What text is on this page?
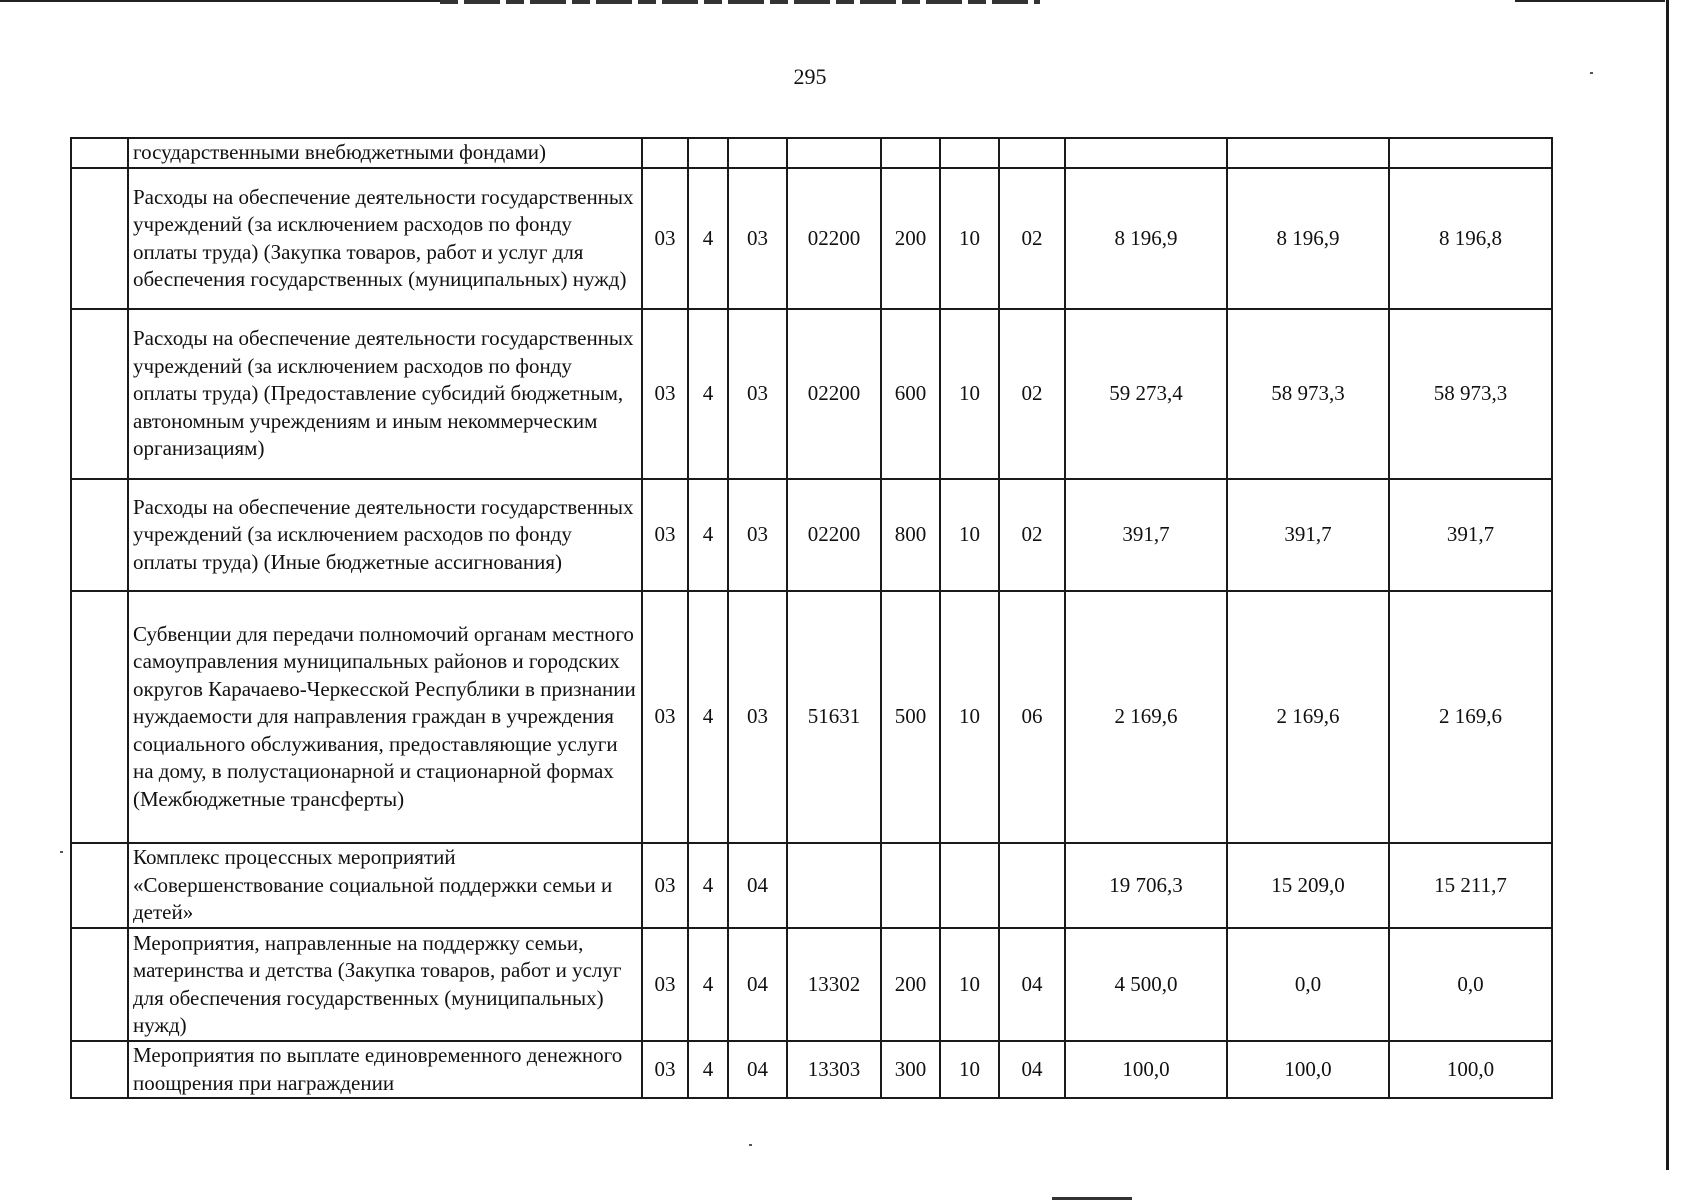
295
	государственными внебюджетными фондами)										
	Расходы на обеспечение деятельности государственных учреждений (за исключением расходов по фонду оплаты труда) (Закупка товаров, работ и услуг для обеспечения государственных (муниципальных) нужд)	03	4	03	02200	200	10	02	8 196,9	8 196,9	8 196,8
	Расходы на обеспечение деятельности государственных учреждений (за исключением расходов по фонду оплаты труда) (Предоставление субсидий бюджетным, автономным учреждениям и иным некоммерческим организациям)	03	4	03	02200	600	10	02	59 273,4	58 973,3	58 973,3
	Расходы на обеспечение деятельности государственных учреждений (за исключением расходов по фонду оплаты труда) (Иные бюджетные ассигнования)	03	4	03	02200	800	10	02	391,7	391,7	391,7
	Субвенции для передачи полномочий органам местного самоуправления муниципальных районов и городских округов Карачаево-Черкесской Республики в признании нуждаемости для направления граждан в учреждения социального обслуживания, предоставляющие услуги на дому, в полустационарной и стационарной формах (Межбюджетные трансферты)	03	4	03	51631	500	10	06	2 169,6	2 169,6	2 169,6
	Комплекс процессных мероприятий «Совершенствование социальной поддержки семьи и детей»	03	4	04					19 706,3	15 209,0	15 211,7
	Мероприятия, направленные на поддержку семьи, материнства и детства (Закупка товаров, работ и услуг для обеспечения государственных (муниципальных) нужд)	03	4	04	13302	200	10	04	4 500,0	0,0	0,0
	Мероприятия по выплате единовременного денежного поощрения при награждении	03	4	04	13303	300	10	04	100,0	100,0	100,0
